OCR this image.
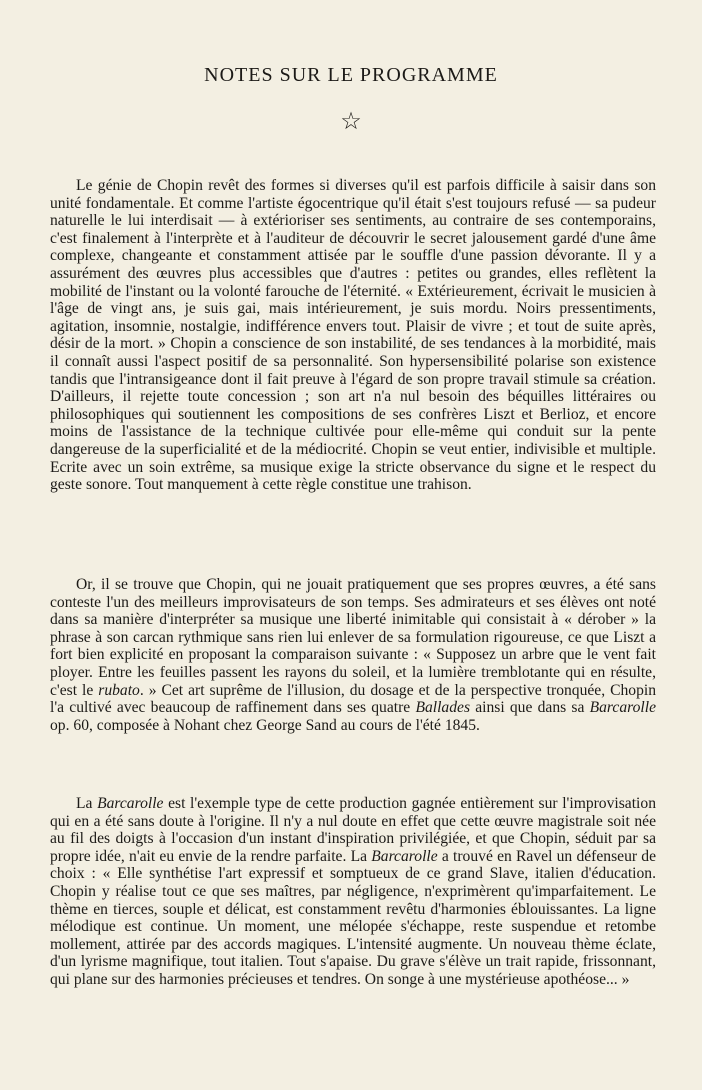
NOTES SUR LE PROGRAMME
☆

Le génie de Chopin revêt des formes si diverses qu'il est parfois difficile à saisir dans son unité fondamentale. Et comme l'artiste égocentrique qu'il était s'est toujours refusé — sa pudeur naturelle le lui interdisait — à extérioriser ses sentiments, au contraire de ses contemporains, c'est finalement à l'interprète et à l'auditeur de découvrir le secret jalousement gardé d'une âme complexe, changeante et constamment attisée par le souffle d'une passion dévorante. Il y a assurément des œuvres plus accessibles que d'autres : petites ou grandes, elles reflètent la mobilité de l'instant ou la volonté farouche de l'éternité. « Extérieurement, écrivait le musicien à l'âge de vingt ans, je suis gai, mais intérieurement, je suis mordu. Noirs pressentiments, agitation, insomnie, nostalgie, indifférence envers tout. Plaisir de vivre ; et tout de suite après, désir de la mort. » Chopin a conscience de son instabilité, de ses tendances à la morbidité, mais il connaît aussi l'aspect positif de sa personnalité. Son hypersensibilité polarise son existence tandis que l'intransigeance dont il fait preuve à l'égard de son propre travail stimule sa création. D'ailleurs, il rejette toute concession ; son art n'a nul besoin des béquilles littéraires ou philosophiques qui soutiennent les compositions de ses confrères Liszt et Berlioz, et encore moins de l'assistance de la technique cultivée pour elle-même qui conduit sur la pente dangereuse de la superficialité et de la médiocrité. Chopin se veut entier, indivisible et multiple. Ecrite avec un soin extrême, sa musique exige la stricte observance du signe et le respect du geste sonore. Tout manquement à cette règle constitue une trahison.

Or, il se trouve que Chopin, qui ne jouait pratiquement que ses propres œuvres, a été sans conteste l'un des meilleurs improvisateurs de son temps. Ses admirateurs et ses élèves ont noté dans sa manière d'interpréter sa musique une liberté inimitable qui consistait à « dérober » la phrase à son carcan rythmique sans rien lui enlever de sa formulation rigoureuse, ce que Liszt a fort bien explicité en proposant la comparaison suivante : « Supposez un arbre que le vent fait ployer. Entre les feuilles passent les rayons du soleil, et la lumière tremblotante qui en résulte, c'est le rubato. » Cet art suprême de l'illusion, du dosage et de la perspective tronquée, Chopin l'a cultivé avec beaucoup de raffinement dans ses quatre Ballades ainsi que dans sa Barcarolle op. 60, composée à Nohant chez George Sand au cours de l'été 1845.

La Barcarolle est l'exemple type de cette production gagnée entièrement sur l'improvisation qui en a été sans doute à l'origine. Il n'y a nul doute en effet que cette œuvre magistrale soit née au fil des doigts à l'occasion d'un instant d'inspiration privilégiée, et que Chopin, séduit par sa propre idée, n'ait eu envie de la rendre parfaite. La Barcarolle a trouvé en Ravel un défenseur de choix : « Elle synthétise l'art expressif et somptueux de ce grand Slave, italien d'éducation. Chopin y réalise tout ce que ses maîtres, par négligence, n'exprimèrent qu'imparfaitement. Le thème en tierces, souple et délicat, est constamment revêtu d'harmonies éblouissantes. La ligne mélodique est continue. Un moment, une mélopée s'échappe, reste suspendue et retombe mollement, attirée par des accords magiques. L'intensité augmente. Un nouveau thème éclate, d'un lyrisme magnifique, tout italien. Tout s'apaise. Du grave s'élève un trait rapide, frissonnant, qui plane sur des harmonies précieuses et tendres. On songe à une mystérieuse apothéose... »
